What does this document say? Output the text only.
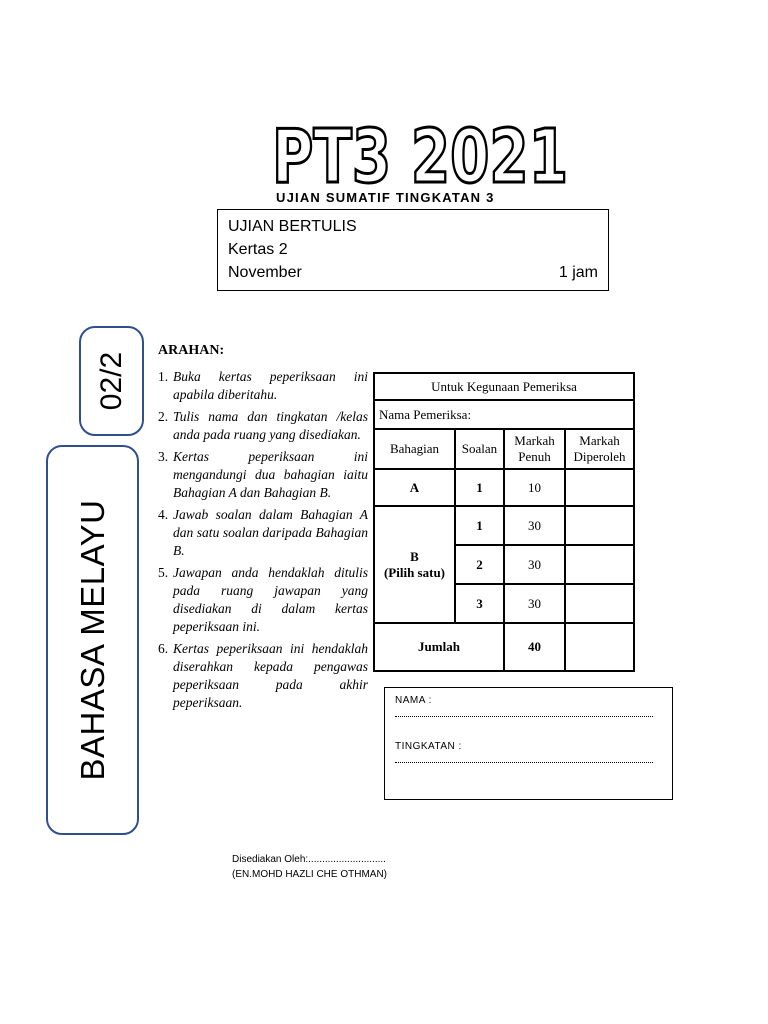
PT3 2021
UJIAN SUMATIF TINGKATAN 3
UJIAN BERTULIS
Kertas 2
November	1 jam
02/2
BAHASA MELAYU
ARAHAN:
1. Buka kertas peperiksaan ini apabila diberitahu.
2. Tulis nama dan tingkatan /kelas anda pada ruang yang disediakan.
3. Kertas peperiksaan ini mengandungi dua bahagian iaitu Bahagian A dan Bahagian B.
4. Jawab soalan dalam Bahagian A dan satu soalan daripada Bahagian B.
5. Jawapan anda hendaklah ditulis pada ruang jawapan yang disediakan di dalam kertas peperiksaan ini.
6. Kertas peperiksaan ini hendaklah diserahkan kepada pengawas peperiksaan pada akhir peperiksaan.
Untuk Kegunaan Pemeriksa			
Nama Pemeriksa:			
Bahagian	Soalan	Markah Penuh	Markah Diperoleh
A	1	10	

B
(Pilih satu)	1	30	
	2	30	
	3	30	
Jumlah		40	
NAMA :
TINGKATAN :
Disediakan Oleh:............................
(EN.MOHD HAZLI CHE OTHMAN)
